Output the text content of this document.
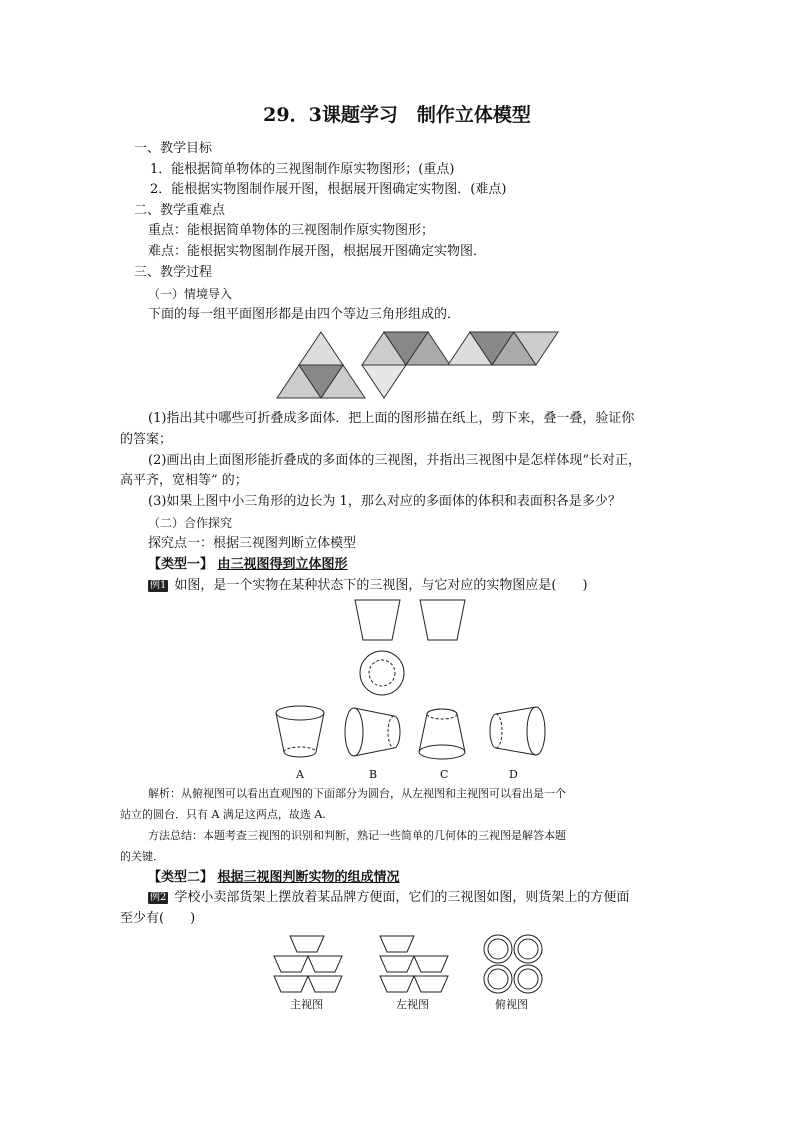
29．3课题学习　制作立体模型
一、教学目标
1．能根据简单物体的三视图制作原实物图形；(重点)
2．能根据实物图制作展开图，根据展开图确定实物图．(难点)
二、教学重难点
重点：能根据简单物体的三视图制作原实物图形；
难点：能根据实物图制作展开图，根据展开图确定实物图．
三、教学过程
（一）情境导入
下面的每一组平面图形都是由四个等边三角形组成的．
(1)指出其中哪些可折叠成多面体．把上面的图形描在纸上，剪下来，叠一叠，验证你
的答案；
(2)画出由上面图形能折叠成的多面体的三视图，并指出三视图中是怎样体现“长对正，
高平齐，宽相等” 的；
(3)如果上图中小三角形的边长为 1，那么对应的多面体的体积和表面积各是多少？
（二）合作探究
探究点一：根据三视图判断立体模型
【类型一】 由三视图得到立体图形
例1 如图，是一个实物在某种状态下的三视图，与它对应的实物图应是(　　)
A	B	C	D
解析：从俯视图可以看出直观图的下面部分为圆台，从左视图和主视图可以看出是一个
站立的圆台．只有 A 满足这两点，故选 A.
方法总结：本题考查三视图的识别和判断，熟记一些简单的几何体的三视图是解答本题
的关键．
【类型二】 根据三视图判断实物的组成情况
例2 学校小卖部货架上摆放着某品牌方便面，它们的三视图如图，则货架上的方便面
至少有(　　)
主视图	左视图	俯视图
